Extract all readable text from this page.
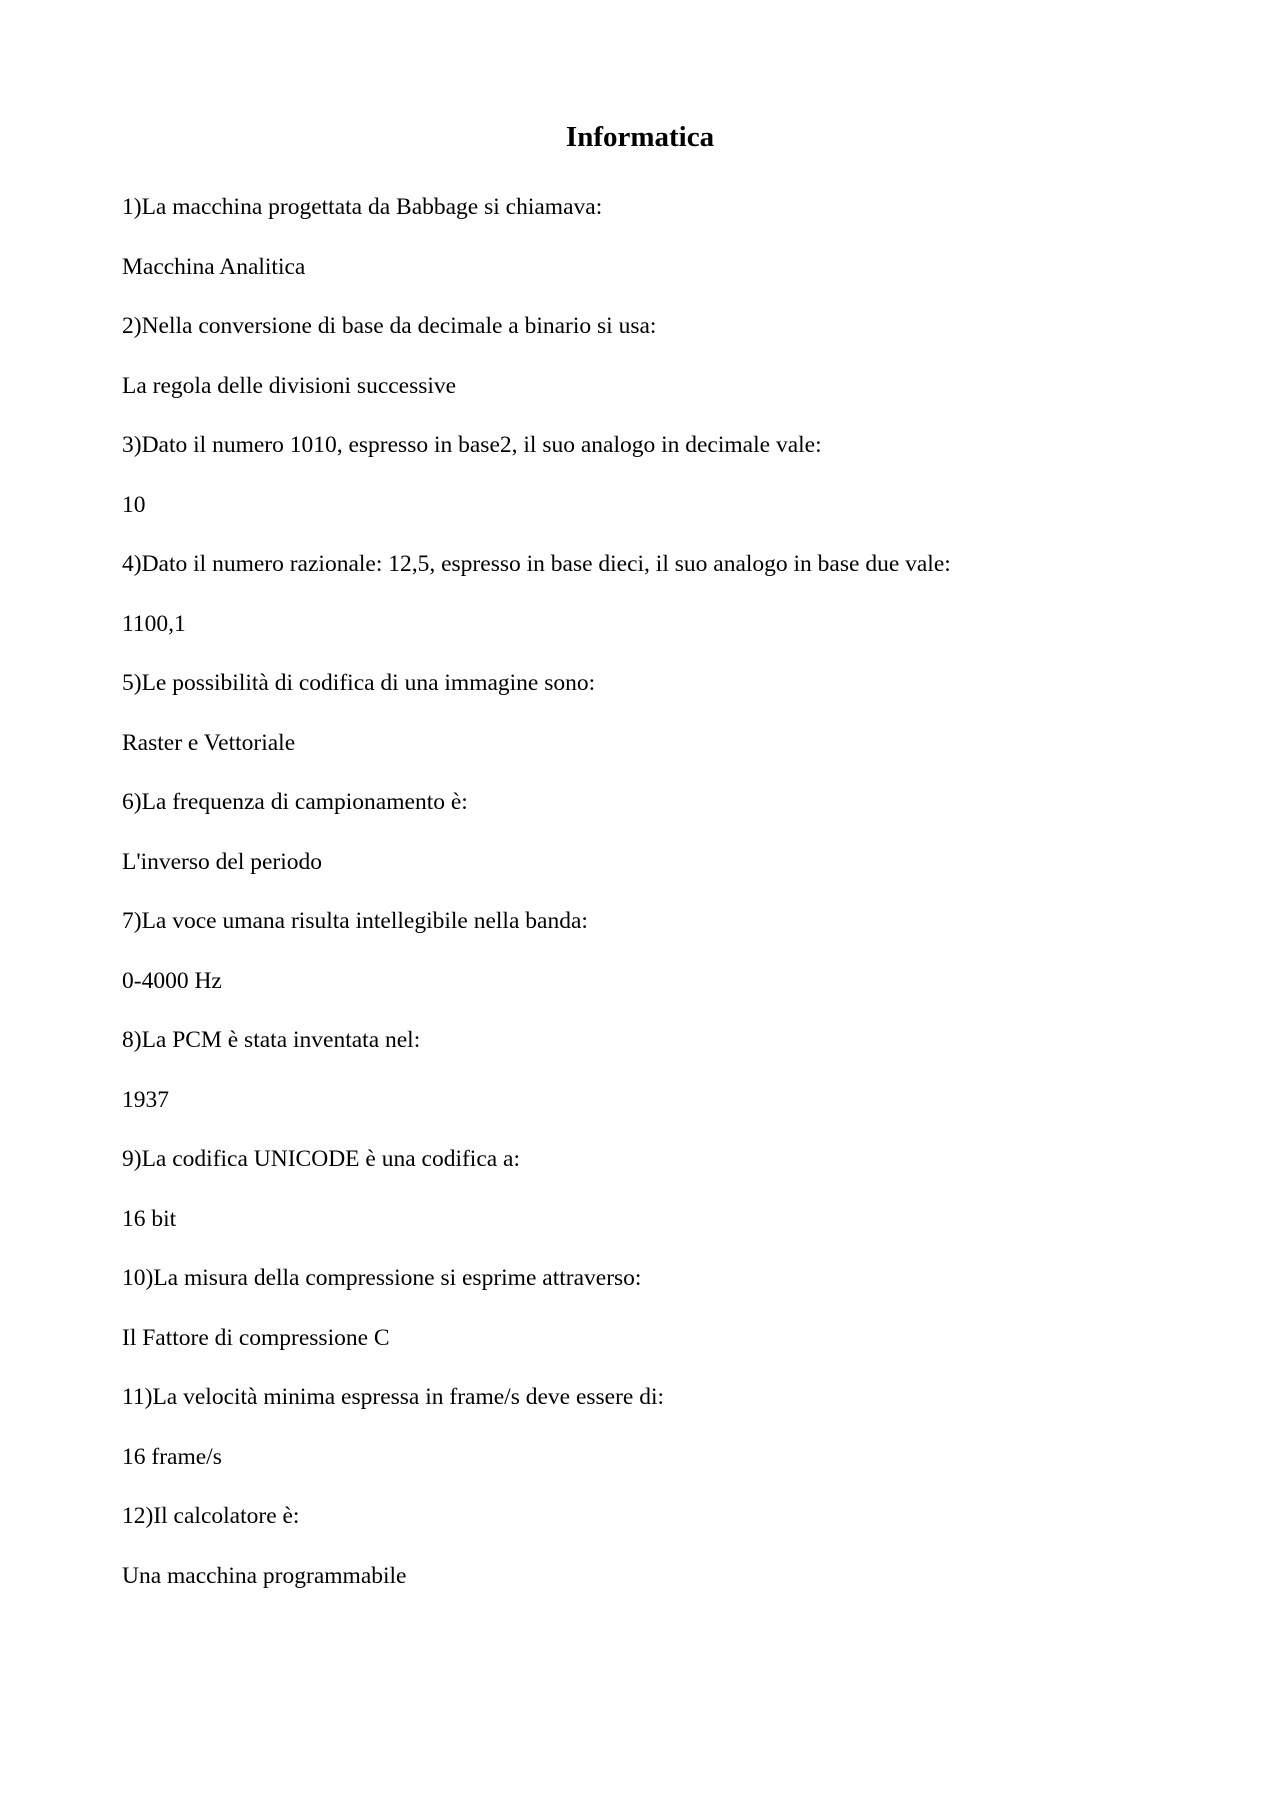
Informatica

1)La macchina progettata da Babbage si chiamava:

Macchina Analitica

2)Nella conversione di base da decimale a binario si usa:

La regola delle divisioni successive

3)Dato il numero 1010, espresso in base2, il suo analogo in decimale vale:

10

4)Dato il numero razionale: 12,5, espresso in base dieci, il suo analogo in base due vale:

1100,1

5)Le possibilità di codifica di una immagine sono:

Raster e Vettoriale

6)La frequenza di campionamento è:

L'inverso del periodo

7)La voce umana risulta intellegibile nella banda:

0-4000 Hz

8)La PCM è stata inventata nel:

1937

9)La codifica UNICODE è una codifica a:

16 bit

10)La misura della compressione si esprime attraverso:

Il Fattore di compressione C

11)La velocità minima espressa in frame/s deve essere di:

16 frame/s

12)Il calcolatore è:

Una macchina programmabile
